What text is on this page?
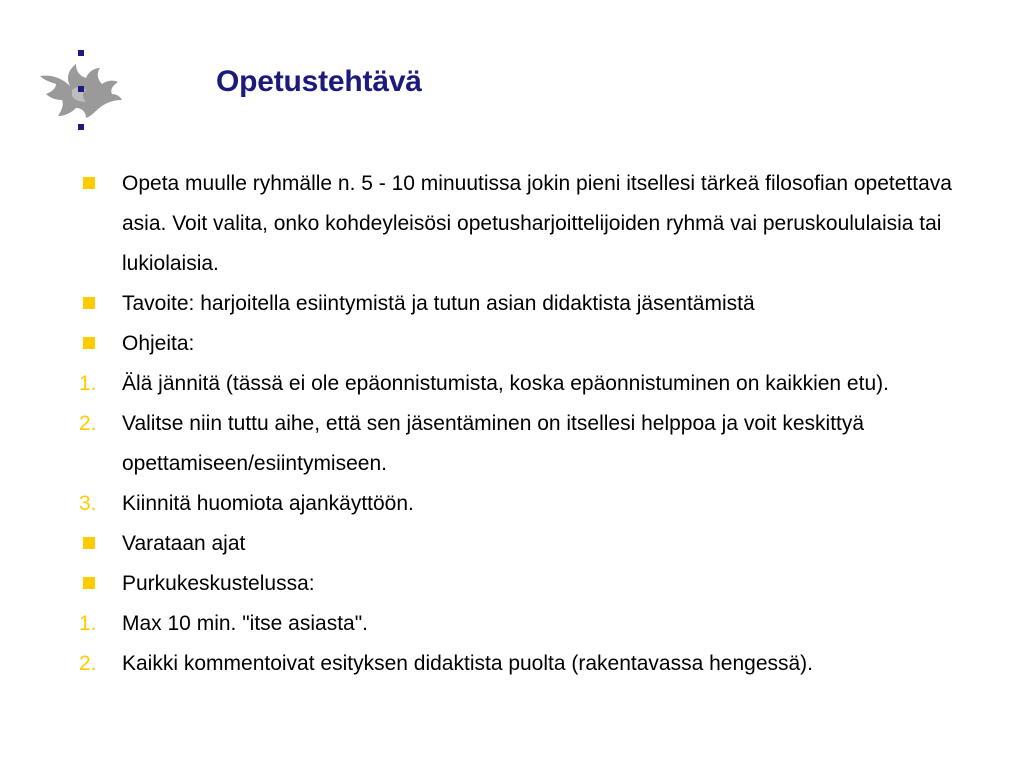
Opetustehtävä
Opeta muulle ryhmälle n. 5 - 10 minuutissa jokin pieni itsellesi tärkeä filosofian opetettava asia. Voit valita, onko kohdeyleisösi opetusharjoittelijoiden ryhmä vai peruskoululaisia tai lukiolaisia.
Tavoite: harjoitella esiintymistä ja tutun asian didaktista jäsentämistä
Ohjeita:
1.	Älä jännitä (tässä ei ole epäonnistumista, koska epäonnistuminen on kaikkien etu).
2.	Valitse niin tuttu aihe, että sen jäsentäminen on itsellesi helppoa ja voit keskittyä opettamiseen/esiintymiseen.
3.	Kiinnitä huomiota ajankäyttöön.
Varataan ajat
Purkukeskustelussa:
1.	Max 10 min. "itse asiasta".
2.	Kaikki kommentoivat esityksen didaktista puolta (rakentavassa hengessä).
